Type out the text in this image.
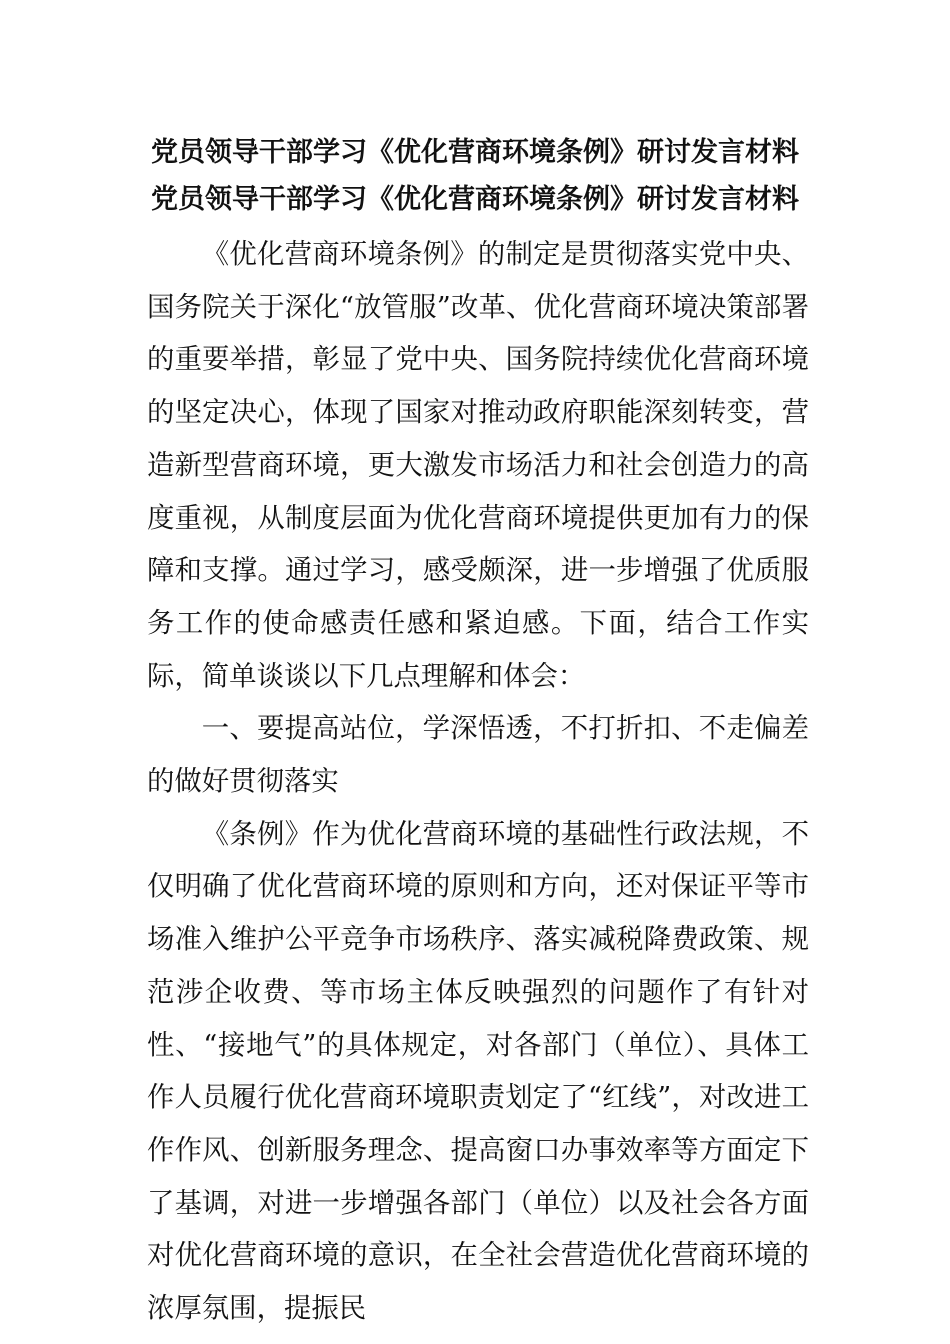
党员领导干部学习《优化营商环境条例》研讨发言材料
党员领导干部学习《优化营商环境条例》研讨发言材料

《优化营商环境条例》的制定是贯彻落实党中央、国务院关于深化“放管服”改革、优化营商环境决策部署的重要举措，彰显了党中央、国务院持续优化营商环境的坚定决心，体现了国家对推动政府职能深刻转变，营造新型营商环境，更大激发市场活力和社会创造力的高度重视，从制度层面为优化营商环境提供更加有力的保障和支撑。通过学习，感受颇深，进一步增强了优质服务工作的使命感责任感和紧迫感。下面，结合工作实际，简单谈谈以下几点理解和体会：

一、要提高站位，学深悟透，不打折扣、不走偏差的做好贯彻落实

《条例》作为优化营商环境的基础性行政法规，不仅明确了优化营商环境的原则和方向，还对保证平等市场准入维护公平竞争市场秩序、落实减税降费政策、规范涉企收费、等市场主体反映强烈的问题作了有针对性、“接地气”的具体规定，对各部门（单位）、具体工作人员履行优化营商环境职责划定了“红线”，对改进工作作风、创新服务理念、提高窗口办事效率等方面定下了基调，对进一步增强各部门（单位）以及社会各方面对优化营商环境的意识，在全社会营造优化营商环境的浓厚氛围，提振民
